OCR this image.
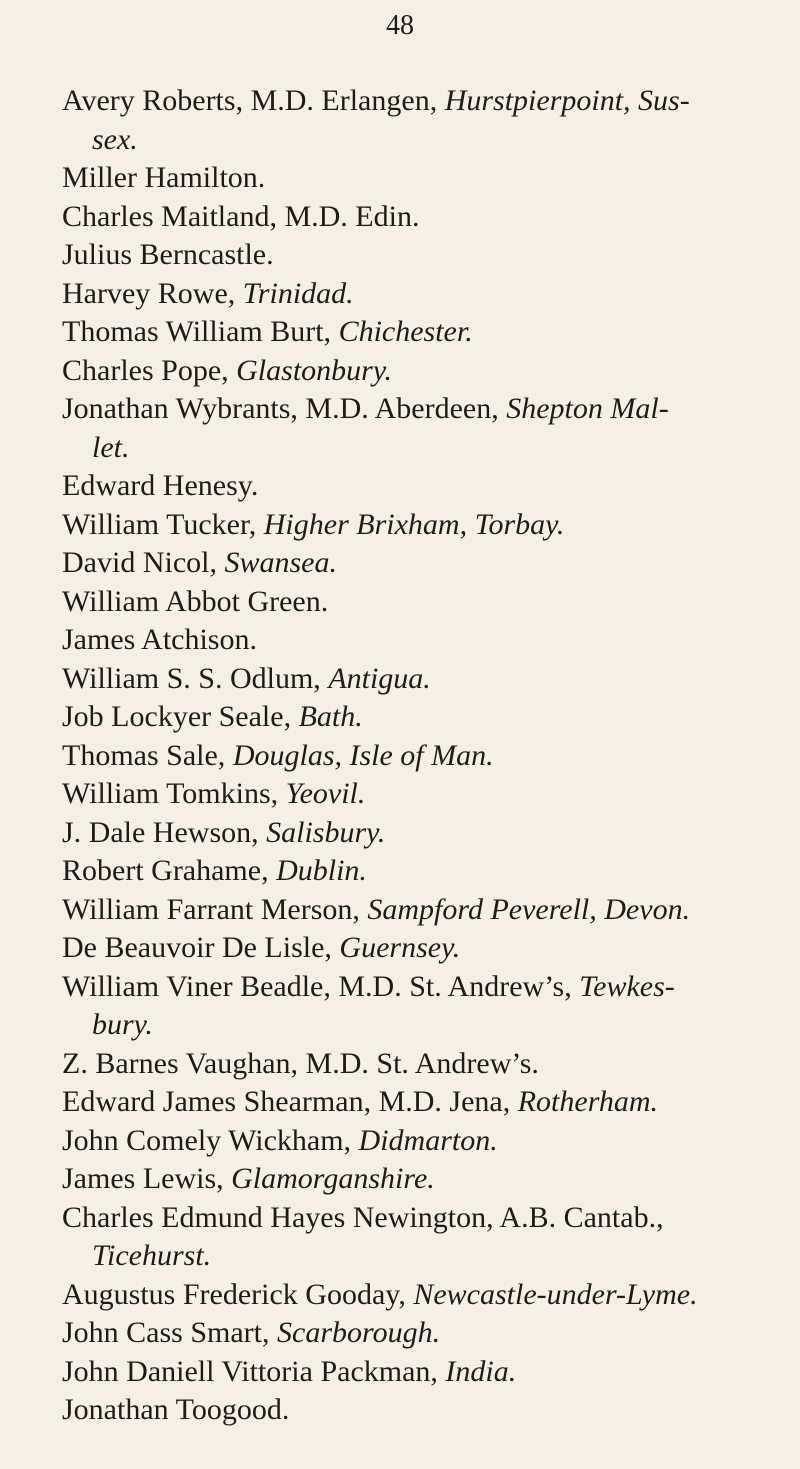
48
Avery Roberts, M.D. Erlangen, Hurstpierpoint, Sus-
sex.
Miller Hamilton.
Charles Maitland, M.D. Edin.
Julius Berncastle.
Harvey Rowe, Trinidad.
Thomas William Burt, Chichester.
Charles Pope, Glastonbury.
Jonathan Wybrants, M.D. Aberdeen, Shepton Mal-
let.
Edward Henesy.
William Tucker, Higher Brixham, Torbay.
David Nicol, Swansea.
William Abbot Green.
James Atchison.
William S. S. Odlum, Antigua.
Job Lockyer Seale, Bath.
Thomas Sale, Douglas, Isle of Man.
William Tomkins, Yeovil.
J. Dale Hewson, Salisbury.
Robert Grahame, Dublin.
William Farrant Merson, Sampford Peverell, Devon.
De Beauvoir De Lisle, Guernsey.
William Viner Beadle, M.D. St. Andrew’s, Tewkes-
bury.
Z. Barnes Vaughan, M.D. St. Andrew’s.
Edward James Shearman, M.D. Jena, Rotherham.
John Comely Wickham, Didmarton.
James Lewis, Glamorganshire.
Charles Edmund Hayes Newington, A.B. Cantab.,
Ticehurst.
Augustus Frederick Gooday, Newcastle-under-Lyme.
John Cass Smart, Scarborough.
John Daniell Vittoria Packman, India.
Jonathan Toogood.
